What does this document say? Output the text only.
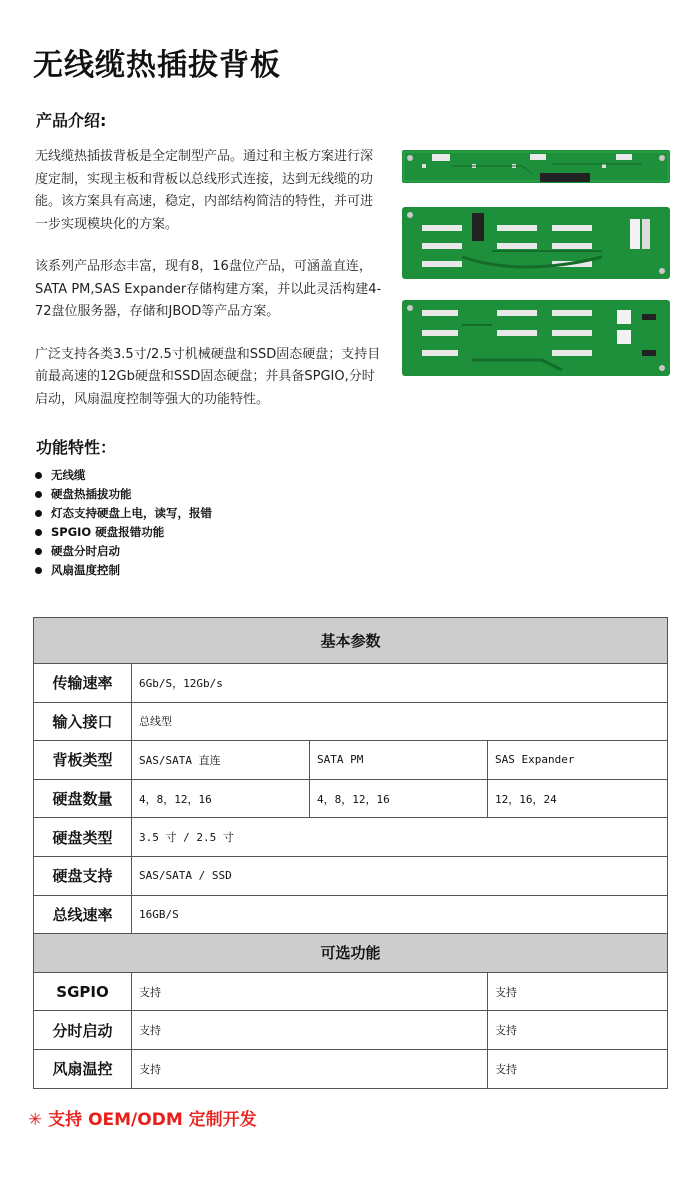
无线缆热插拔背板
产品介绍:

无线缆热插拔背板是全定制型产品。通过和主板方案进行深度定制，实现主板和背板以总线形式连接，达到无线缆的功能。该方案具有高速，稳定，内部结构简洁的特性，并可进一步实现模块化的方案。

该系列产品形态丰富，现有8，16盘位产品，可涵盖直连，SATA PM,SAS Expander存储构建方案，并以此灵活构建4-72盘位服务器，存储和JBOD等产品方案。

广泛支持各类3.5寸/2.5寸机械硬盘和SSD固态硬盘；支持目前最高速的12Gb硬盘和SSD固态硬盘；并具备SPGIO,分时启动，风扇温度控制等强大的功能特性。

功能特性：
无线缆
硬盘热插拔功能
灯态支持硬盘上电，读写，报错
SPGIO 硬盘报错功能
硬盘分时启动
风扇温度控制
基本参数			
传输速率	6Gb/S，12Gb/s		
输入接口	总线型		
背板类型	SAS/SATA 直连	SATA PM	SAS Expander
硬盘数量	4，8，12，16	4，8，12，16	12，16，24
硬盘类型	3.5 寸 / 2.5 寸		
硬盘支持	SAS/SATA / SSD		
总线速率	16GB/S		
可选功能			
SGPIO	支持		支持
分时启动	支持		支持
风扇温控	支持		支持
✳ 支持 OEM/ODM 定制开发
